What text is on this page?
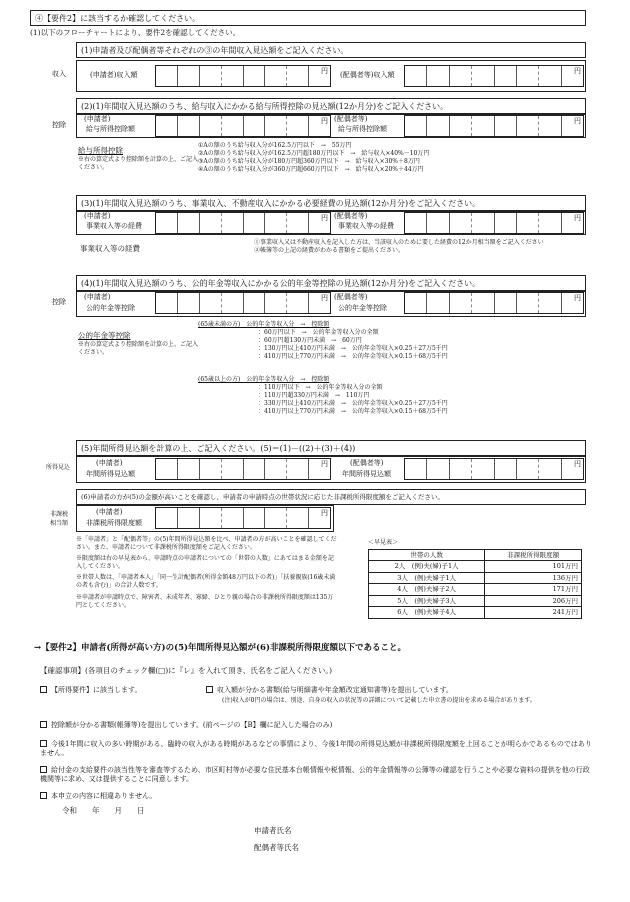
④【要件2】に該当するか確認してください。
(1)以下のフローチャートにより、要件2を確認してください。
(1)申請者及び配偶者等それぞれの③の年間収入見込額をご記入ください。
収入	(申請者)収入額	円 (配偶者等)収入額	円
(2)(1)年間収入見込額のうち、給与収入にかかる給与所得控除の見込額(12か月分)をご記入ください。
控除
(申請者)
給与所得控除額
円 (配偶者等)
給与所得控除額
円
給与所得控除
※右の算定式より控除額を計算の上、ご記入ください。
①Aの額のうち給与収入分が162.5万円以下　→　55万円
②Aの額のうち給与収入分が162.5万円超180万円以下　→　給与収入×40%－10万円
③Aの額のうち給与収入分が180万円超360万円以下　→　給与収入×30%＋8万円
④Aの額のうち給与収入分が360万円超660万円以下　→　給与収入×20%＋44万円
(3)(1)年間収入見込額のうち、事業収入、不動産収入にかかる必要経費の見込額(12か月分)をご記入ください。
(申請者)
事業収入等の経費
円 (配偶者等)
事業収入等の経費
円
事業収入等の経費
①事業収入又は不動産収入を記入した方は、当該収入のために要した経費の12か月相当額をご記入ください
②帳簿等の上記の経費がわかる書類をご提出ください。
(4)(1)年間収入見込額のうち、公的年金等収入にかかる公的年金等控除の見込額(12か月分)をご記入ください。
控除
(申請者)
公的年金等控除
円 (配偶者等)
公的年金等控除
円
公的年金等控除
※右の算定式より控除額を計算の上、ご記入ください。
(65歳未満の方)　公的年金等収入分　→　控除額
：60万円以下　→　公的年金等収入分の全額
：60万円超130万円未満　→　60万円
：130万円以上410万円未満　→　公的年金等収入×0.25＋27万5千円
：410万円以上770万円未満　→　公的年金等収入×0.15＋68万5千円
(65歳以上の方)　公的年金等収入分　→　控除額
：110万円以下　→　公的年金等収入分の全額
：110万円超330万円未満　→　110万円
：330万円以上410万円未満　→　公的年金等収入×0.25＋27万5千円
：410万円以上770万円未満　→　公的年金等収入×0.15＋68万5千円
(5)年間所得見込額を計算の上、ご記入ください。(5)＝(1)－((2)＋(3)＋(4))
所得見込
(申請者)
年間所得見込額
円	(配偶者等)
年間所得見込額
円
(6)申請者の方が(5)の金額が高いことを確認し、申請者の申請時点の世帯状況に応じた非課税所得限度額をご記入ください。
非課税
相当額
(申請者)
非課税所得限度額
円
※「申請者」と「配偶者等」の(5)年間所得見込額を比べ、申請者の方が高いことを確認してください。また、申請者について非課税所得限度額をご記入ください。
※限度額は右の早見表から、申請時点の申請者についての「世帯の人数」にあてはまる金額を記入してください。
※世帯人数は、「申請者本人」「同一生計配偶者(所得金額48万円以下の者)」「扶養親族(16歳未満の者も含む)」の合計人数です。
※申請者が申請時点で、障害者、未成年者、寡婦、ひとり親の場合の非課税所得限度額は135万円としてください。
＜早見表＞
世帯の人数	非課税所得限度額
2人　(例)夫(婦)子1人	101万円
3人　(例)夫婦子1人	136万円
4人　(例)夫婦子2人	171万円
5人　(例)夫婦子3人	206万円
6人　(例)夫婦子4人	241万円
→【要件2】申請者(所得が高い方)の(5)年間所得見込額が(6)非課税所得限度額以下であること。
【確認事項】(各項目のチェック欄(□)に『レ』を入れて頂き、氏名をご記入ください。)
【所得要件】に該当します。	収入額が分かる書類(給与明細書や年金額改定通知書等)を提出しています。
(注)収入が0円の場合は、別途、自身の収入の状況等の詳細について記載した申立書の提出を求める場合があります。
控除額が分かる書類(帳簿等)を提出しています。(前ページの【B】欄に記入した場合のみ)
今後1年間に収入の多い時期がある、臨時の収入がある時期があるなどの事情により、今後1年間の所得見込額が非課税所得限度額を上回ることが明らかであるものではありません。
給付金の支給要件の該当性等を審査等するため、市区町村等が必要な住民基本台帳情報や税情報、公的年金情報等の公簿等の確認を行うことや必要な資料の提供を他の行政機関等に求め、又は提供することに同意します。
本申立の内容に相違ありません。
令和　　年　　月　　日
申請者氏名
配偶者等氏名
